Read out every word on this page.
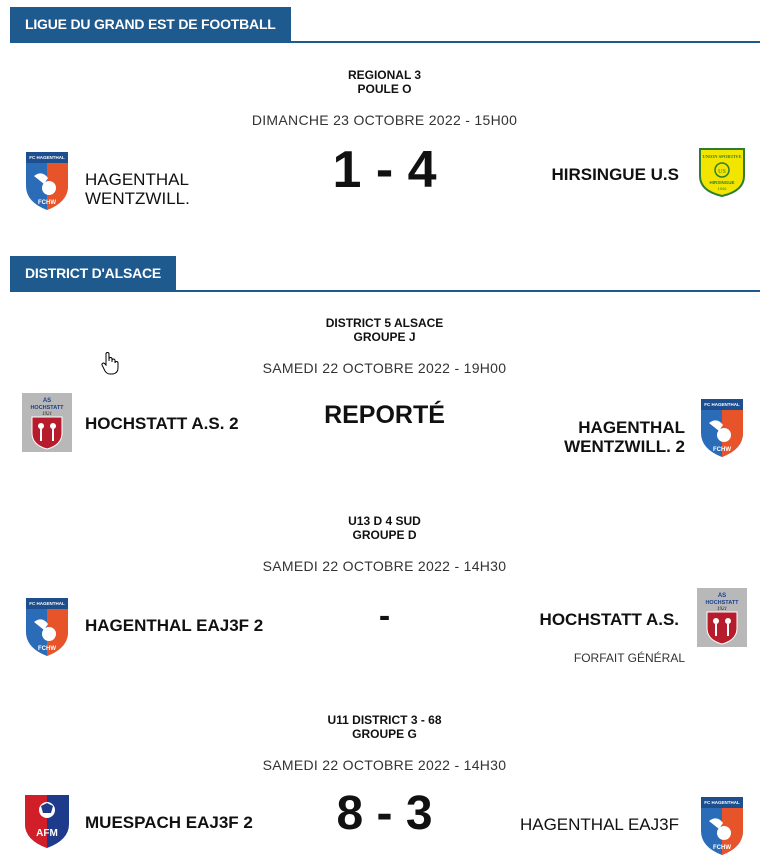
LIGUE DU GRAND EST DE FOOTBALL
REGIONAL 3
POULE O
DIMANCHE 23 OCTOBRE 2022 - 15H00
FC HAGENTHAL
FCHW
HAGENTHAL
WENTZWILL.	1 - 4	HIRSINGUE U.S
UNION SPORTIVE
US
HIRSINGUE
1946
DISTRICT D'ALSACE
DISTRICT 5 ALSACE
GROUPE J
SAMEDI 22 OCTOBRE 2022 - 19H00
AS
HOCHSTATT
1921 HOCHSTATT A.S. 2	REPORTÉ	HAGENTHAL
WENTZWILL. 2
FC HAGENTHAL
FCHW
U13 D 4 SUD
GROUPE D
SAMEDI 22 OCTOBRE 2022 - 14H30
FC HAGENTHAL
FCHW
HAGENTHAL EAJ3F 2	-	HOCHSTATT A.S.
FORFAIT GÉNÉRAL
AS
HOCHSTATT
1921
U11 DISTRICT 3 - 68
GROUPE G
SAMEDI 22 OCTOBRE 2022 - 14H30
AFM
MUESPACH EAJ3F 2	8 - 3	HAGENTHAL EAJ3F
FC HAGENTHAL
FCHW
